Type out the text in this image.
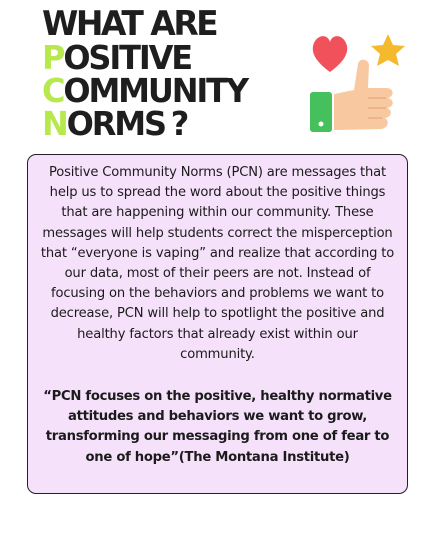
WHAT ARE
POSITIVE
COMMUNITY
NORMS ?

Positive Community Norms (PCN) are messages that help us to spread the word about the positive things that are happening within our community. These messages will help students correct the misperception that “everyone is vaping” and realize that according to our data, most of their peers are not. Instead of focusing on the behaviors and problems we want to decrease, PCN will help to spotlight the positive and healthy factors that already exist within our community.

“PCN focuses on the positive, healthy normative attitudes and behaviors we want to grow, transforming our messaging from one of fear to one of hope”(The Montana Institute)
